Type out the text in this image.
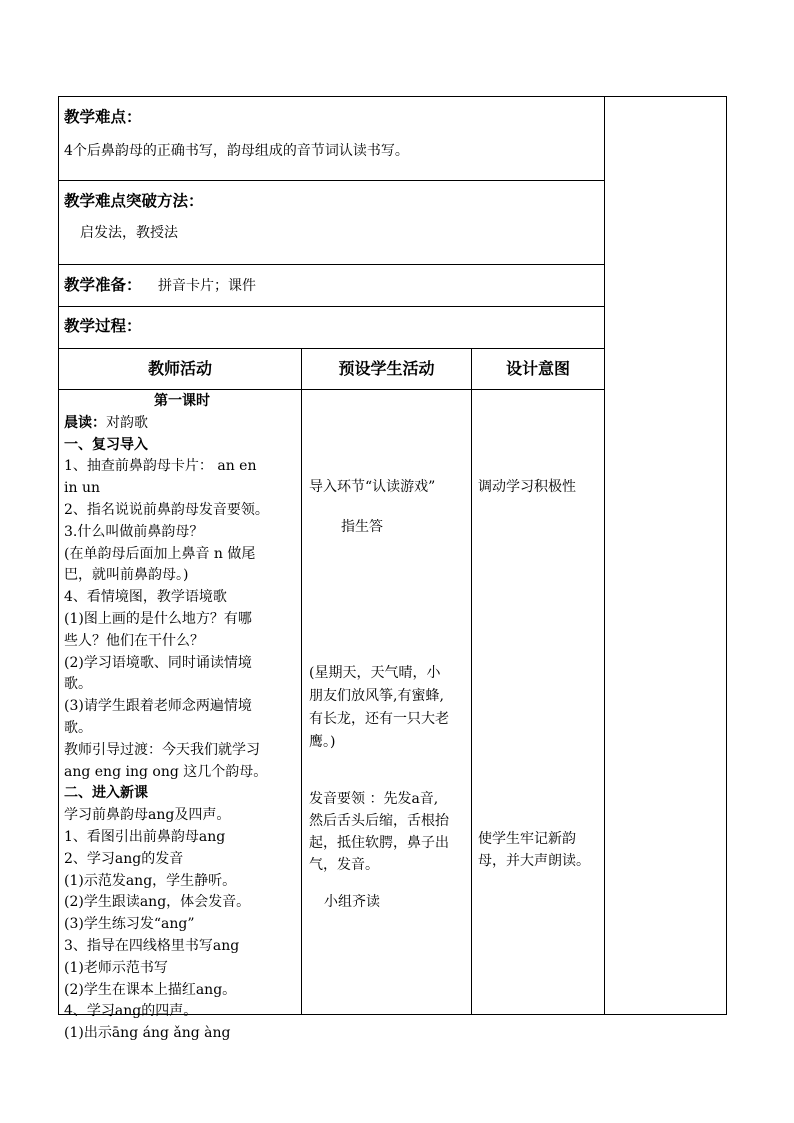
教学难点：
4个后鼻韵母的正确书写，韵母组成的音节词认读书写。
教学难点突破方法：
启发法，教授法
教学准备： 拼音卡片；课件
教学过程：
教师活动	预设学生活动	设计意图
第一课时
晨读：对韵歌
一、复习导入
1、抽查前鼻韵母卡片： an en
in un
2、指名说说前鼻韵母发音要领。
3.什么叫做前鼻韵母？
(在单韵母后面加上鼻音 n 做尾
巴，就叫前鼻韵母。)
4、看情境图，教学语境歌
(1)图上画的是什么地方？有哪
些人？他们在干什么？
(2)学习语境歌、同时诵读情境
歌。
(3)请学生跟着老师念两遍情境
歌。
教师引导过渡：今天我们就学习
ang eng ing ong 这几个韵母。
二、进入新课
学习前鼻韵母ang及四声。
1、看图引出前鼻韵母ang
2、学习ang的发音
(1)示范发ang，学生静听。
(2)学生跟读ang，体会发音。
(3)学生练习发“ang”
3、指导在四线格里书写ang
(1)老师示范书写
(2)学生在课本上描红ang。
4、学习ang的四声。
(1)出示āng áng ǎng àng
导入环节“认读游戏”
指生答
(星期天，天气晴，小
朋友们放风筝,有蜜蜂,
有长龙，还有一只大老
鹰。)
发音要领 ：先发a音,
然后舌头后缩，舌根抬
起，抵住软腭，鼻子出
气，发音。
小组齐读
调动学习积极性
使学生牢记新韵
母，并大声朗读。
